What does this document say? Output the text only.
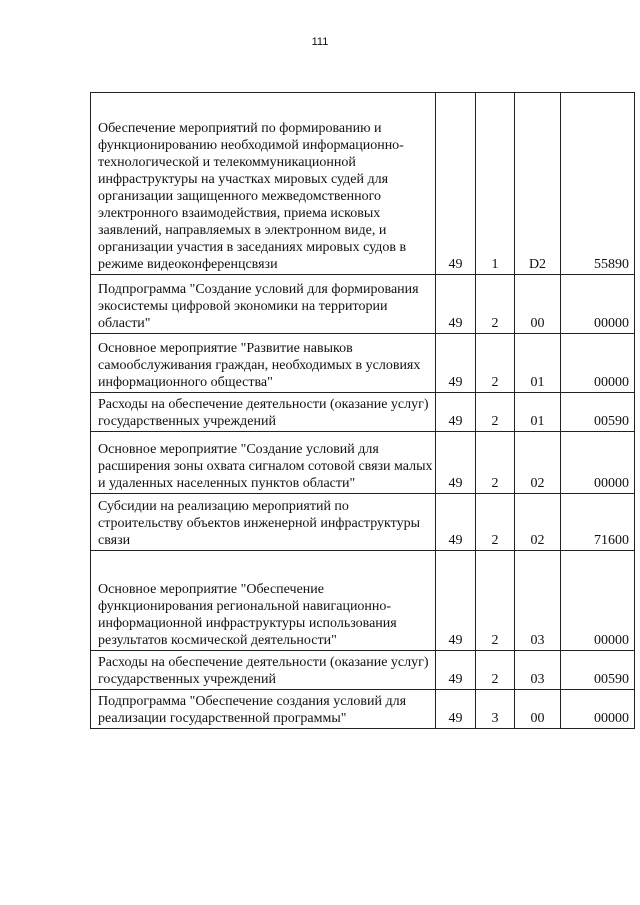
111
Обеспечение мероприятий по формированию и функционированию необходимой информационно-технологической и телекоммуникационной инфраструктуры на участках мировых судей для организации защищенного межведомственного электронного взаимодействия, приема исковых заявлений, направляемых в электронном виде, и организации участия в заседаниях мировых судов в режиме видеоконференцсвязи	49	1	D2	55890

Подпрограмма "Создание условий для формирования экосистемы цифровой экономики на территории области"	49	2	00	00000

Основное мероприятие "Развитие навыков самообслуживания граждан, необходимых в условиях информационного общества"	49	2	01	00000

Расходы на обеспечение деятельности (оказание услуг) государственных учреждений	49	2	01	00590

Основное мероприятие "Создание условий для расширения зоны охвата сигналом сотовой связи малых и удаленных населенных пунктов области"	49	2	02	00000

Субсидии на реализацию мероприятий по строительству объектов инженерной инфраструктуры связи	49	2	02	71600

Основное мероприятие "Обеспечение функционирования региональной навигационно-информационной инфраструктуры использования результатов космической деятельности"	49	2	03	00000

Расходы на обеспечение деятельности (оказание услуг) государственных учреждений	49	2	03	00590

Подпрограмма "Обеспечение создания условий для реализации государственной программы"	49	3	00	00000
